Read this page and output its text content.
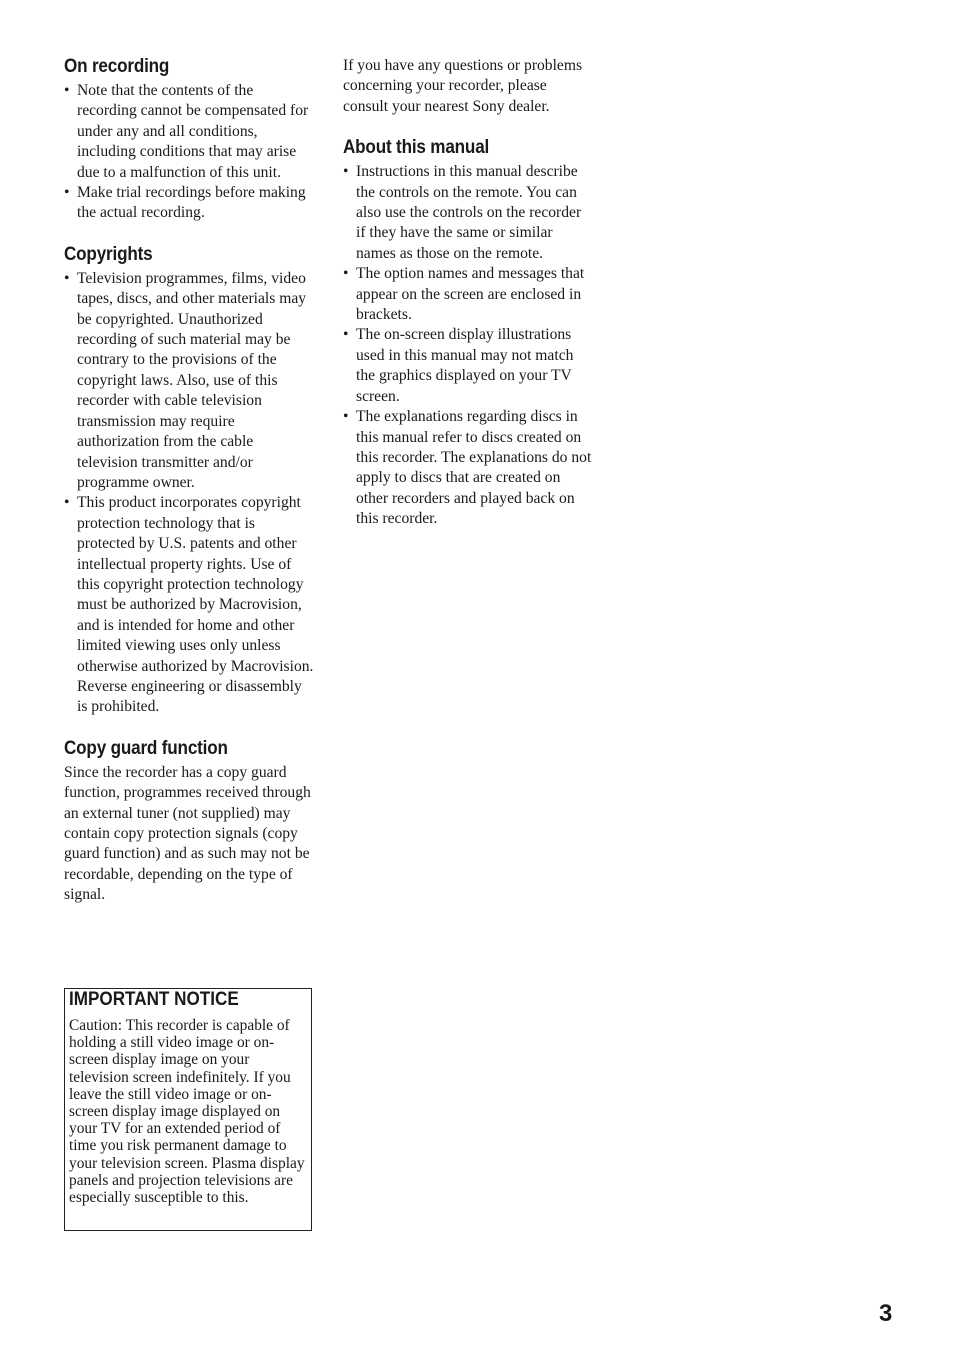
On recording
• Note that the contents of the recording cannot be compensated for under any and all conditions, including conditions that may arise due to a malfunction of this unit.
• Make trial recordings before making the actual recording.
Copyrights
• Television programmes, films, video tapes, discs, and other materials may be copyrighted. Unauthorized recording of such material may be contrary to the provisions of the copyright laws. Also, use of this recorder with cable television transmission may require authorization from the cable television transmitter and/or programme owner.
• This product incorporates copyright protection technology that is protected by U.S. patents and other intellectual property rights. Use of this copyright protection technology must be authorized by Macrovision, and is intended for home and other limited viewing uses only unless otherwise authorized by Macrovision. Reverse engineering or disassembly is prohibited.
Copy guard function

Since the recorder has a copy guard function, programmes received through an external tuner (not supplied) may contain copy protection signals (copy guard function) and as such may not be recordable, depending on the type of signal.

IMPORTANT NOTICE

Caution: This recorder is capable of holding a still video image or on-screen display image on your television screen indefinitely. If you leave the still video image or on-screen display image displayed on your TV for an extended period of time you risk permanent damage to your television screen. Plasma display panels and projection televisions are especially susceptible to this.

If you have any questions or problems concerning your recorder, please consult your nearest Sony dealer.

About this manual
• Instructions in this manual describe the controls on the remote. You can also use the controls on the recorder if they have the same or similar names as those on the remote.
• The option names and messages that appear on the screen are enclosed in brackets.
• The on-screen display illustrations used in this manual may not match the graphics displayed on your TV screen.
• The explanations regarding discs in this manual refer to discs created on this recorder. The explanations do not apply to discs that are created on other recorders and played back on this recorder.
3
